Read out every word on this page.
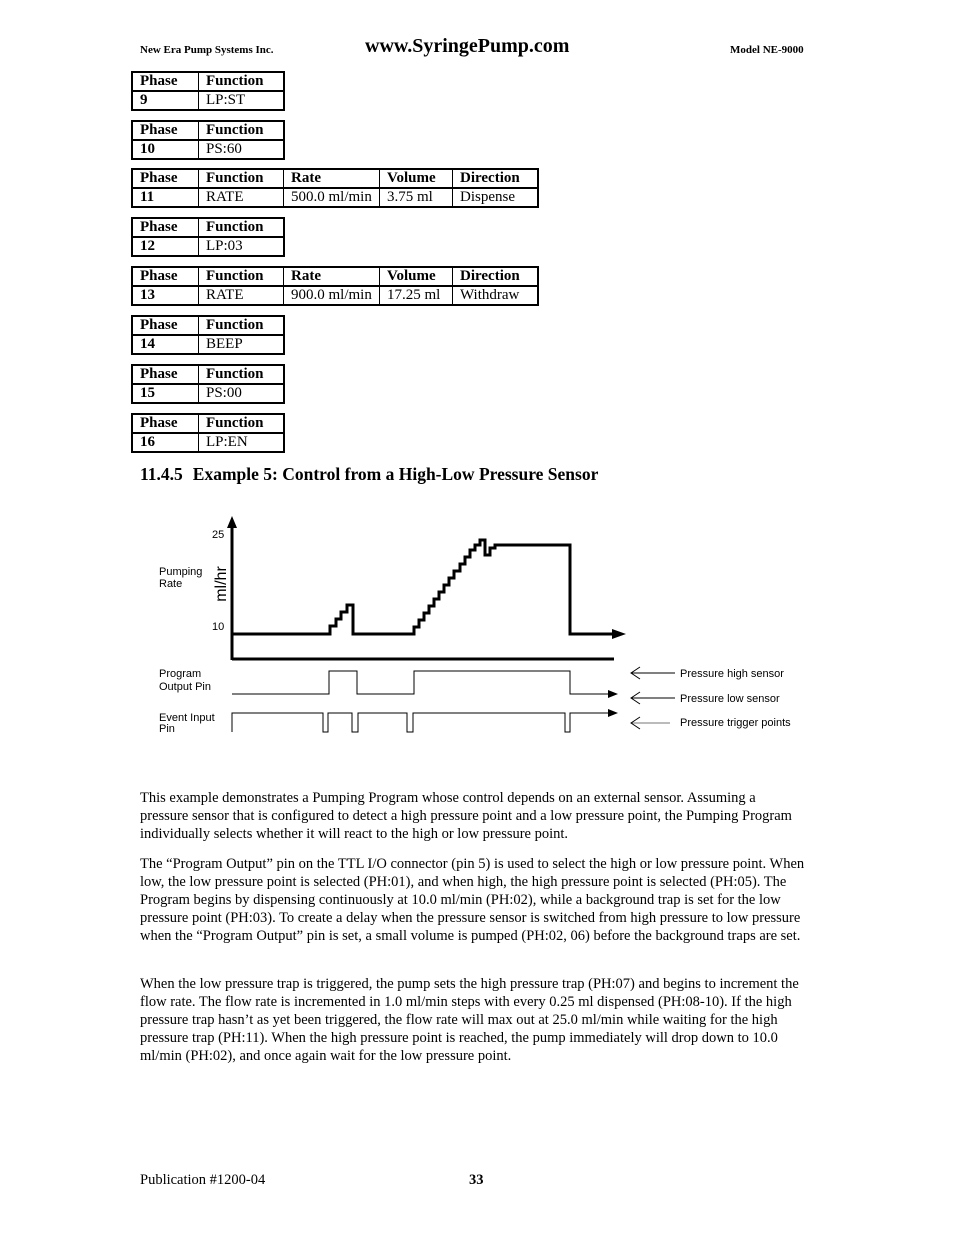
New Era Pump Systems Inc.	www.SyringePump.com	Model NE-9000
Phase	Function
9	LP:ST
Phase	Function
10	PS:60
Phase	Function	Rate	Volume	Direction
11	RATE	500.0 ml/min	3.75 ml	Dispense
Phase	Function
12	LP:03
Phase	Function	Rate	Volume	Direction
13	RATE	900.0 ml/min	17.25 ml	Withdraw
Phase	Function
14	BEEP
Phase	Function
15	PS:00
Phase	Function
16	LP:EN
11.4.5 Example 5: Control from a High-Low Pressure Sensor
25
10
ml/hr
Pumping
Rate
Program
Output Pin
Event Input
Pin
Pressure high sensor
Pressure low sensor
Pressure trigger points
This example demonstrates a Pumping Program whose control depends on an external sensor. Assuming a pressure sensor that is configured to detect a high pressure point and a low pressure point, the Pumping Program individually selects whether it will react to the high or low pressure point.
The “Program Output” pin on the TTL I/O connector (pin 5) is used to select the high or low pressure point. When low, the low pressure point is selected (PH:01), and when high, the high pressure point is selected (PH:05). The Program begins by dispensing continuously at 10.0 ml/min (PH:02), while a background trap is set for the low pressure point (PH:03). To create a delay when the pressure sensor is switched from high pressure to low pressure when the “Program Output” pin is set, a small volume is pumped (PH:02, 06) before the background traps are set.
When the low pressure trap is triggered, the pump sets the high pressure trap (PH:07) and begins to increment the flow rate. The flow rate is incremented in 1.0 ml/min steps with every 0.25 ml dispensed (PH:08-10). If the high pressure trap hasn’t as yet been triggered, the flow rate will max out at 25.0 ml/min while waiting for the high pressure trap (PH:11). When the high pressure point is reached, the pump immediately will drop down to 10.0 ml/min (PH:02), and once again wait for the low pressure point.
Publication #1200-04	33
